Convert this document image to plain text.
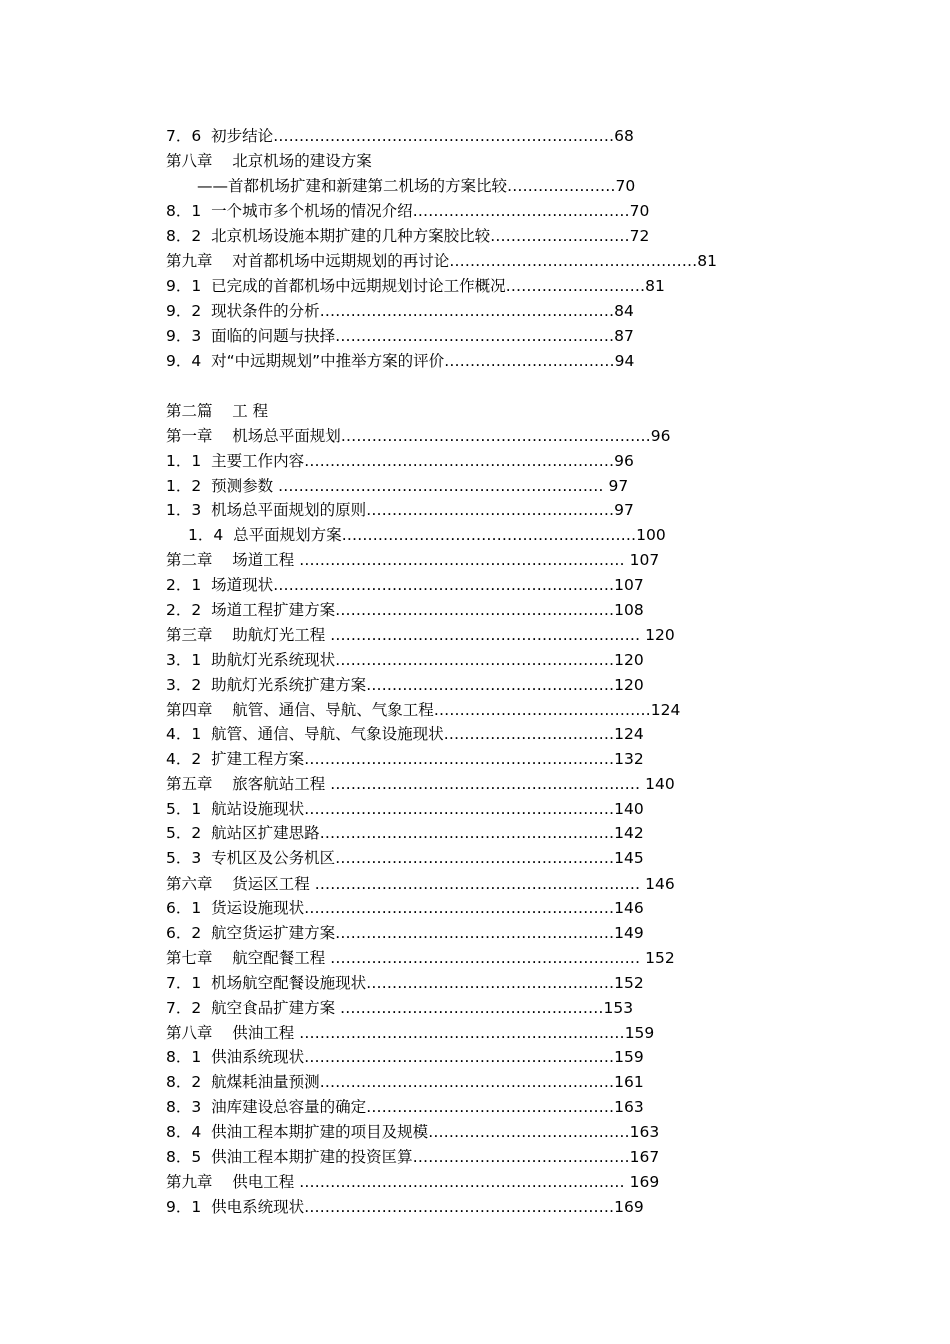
7．6 初步结论…………………………………………………………68
第八章 北京机场的建设方案
——首都机场扩建和新建第二机场的方案比较…………………70
8．1 一个城市多个机场的情况介绍……………………………………70
8．2 北京机场设施本期扩建的几种方案胶比较………………………72
第九章 对首都机场中远期规划的再讨论…………………………………………81
9．1 已完成的首都机场中远期规划讨论工作概况………………………81
9．2 现状条件的分析…………………………………………………84
9．3 面临的问题与抉择………………………………………………87
9．4 对“中远期规划”中推举方案的评价……………………………94
第二篇 工 程
第一章 机场总平面规划……………………………………………………96
1．1 主要工作内容……………………………………………………96
1．2 预测参数 ……………………………………………………… 97
1．3 机场总平面规划的原则…………………………………………97
1．4 总平面规划方案…………………………………………………100
第二章 场道工程 ……………………………………………………… 107
2．1 场道现状…………………………………………………………107
2．2 场道工程扩建方案………………………………………………108
第三章 助航灯光工程 …………………………………………………… 120
3．1 助航灯光系统现状………………………………………………120
3．2 助航灯光系统扩建方案…………………………………………120
第四章 航管、通信、导航、气象工程……………………………………124
4．1 航管、通信、导航、气象设施现状……………………………124
4．2 扩建工程方案……………………………………………………132
第五章 旅客航站工程 …………………………………………………… 140
5．1 航站设施现状……………………………………………………140
5．2 航站区扩建思路…………………………………………………142
5．3 专机区及公务机区………………………………………………145
第六章 货运区工程 ……………………………………………………… 146
6．1 货运设施现状……………………………………………………146
6．2 航空货运扩建方案………………………………………………149
第七章 航空配餐工程 …………………………………………………… 152
7．1 机场航空配餐设施现状…………………………………………152
7．2 航空食品扩建方案 ……………………………………………153
第八章 供油工程 ………………………………………………………159
8．1 供油系统现状……………………………………………………159
8．2 航煤耗油量预测…………………………………………………161
8．3 油库建设总容量的确定…………………………………………163
8．4 供油工程本期扩建的项目及规模…………………………………163
8．5 供油工程本期扩建的投资匡算……………………………………167
第九章 供电工程 ……………………………………………………… 169
9．1 供电系统现状……………………………………………………169
